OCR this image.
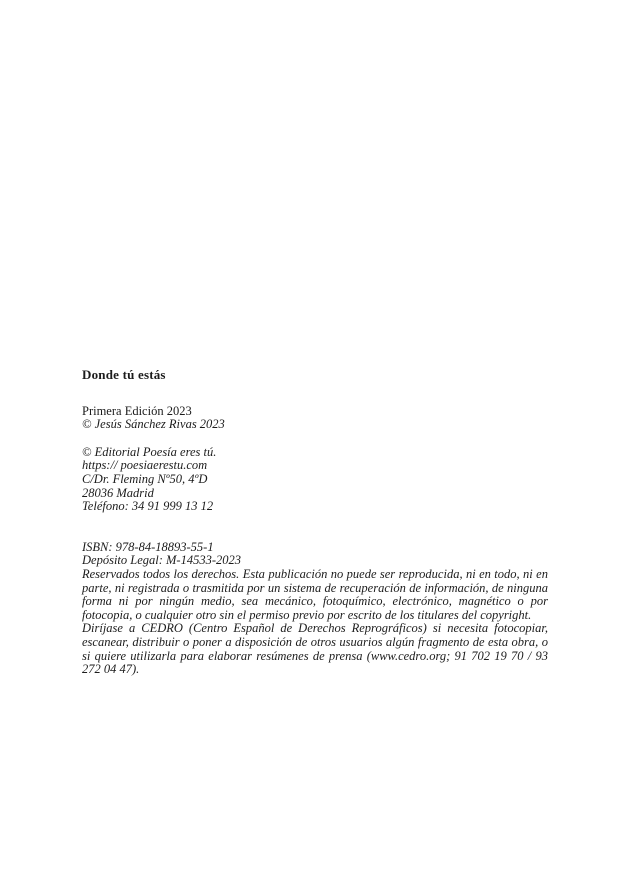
Donde tú estás

Primera Edición 2023
© Jesús Sánchez Rivas 2023
© Editorial Poesía eres tú.
https:// poesiaerestu.com
C/Dr. Fleming Nº50, 4ºD
28036 Madrid
Teléfono: 34 91 999 13 12
ISBN: 978-84-18893-55-1
Depósito Legal: M-14533-2023

Reservados todos los derechos. Esta publicación no puede ser reproducida, ni en todo, ni en parte, ni registrada o trasmitida por un sistema de recuperación de información, de ninguna forma ni por ningún medio, sea mecánico, fotoquímico, electrónico, magnético o por fotocopia, o cualquier otro sin el permiso previo por escrito de los titulares del copyright.

Diríjase a CEDRO (Centro Español de Derechos Reprográficos) si necesita fotocopiar, escanear, distribuir o poner a disposición de otros usuarios algún fragmento de esta obra, o si quiere utilizarla para elaborar resúmenes de prensa (www.cedro.org; 91 702 19 70 / 93 272 04 47).
